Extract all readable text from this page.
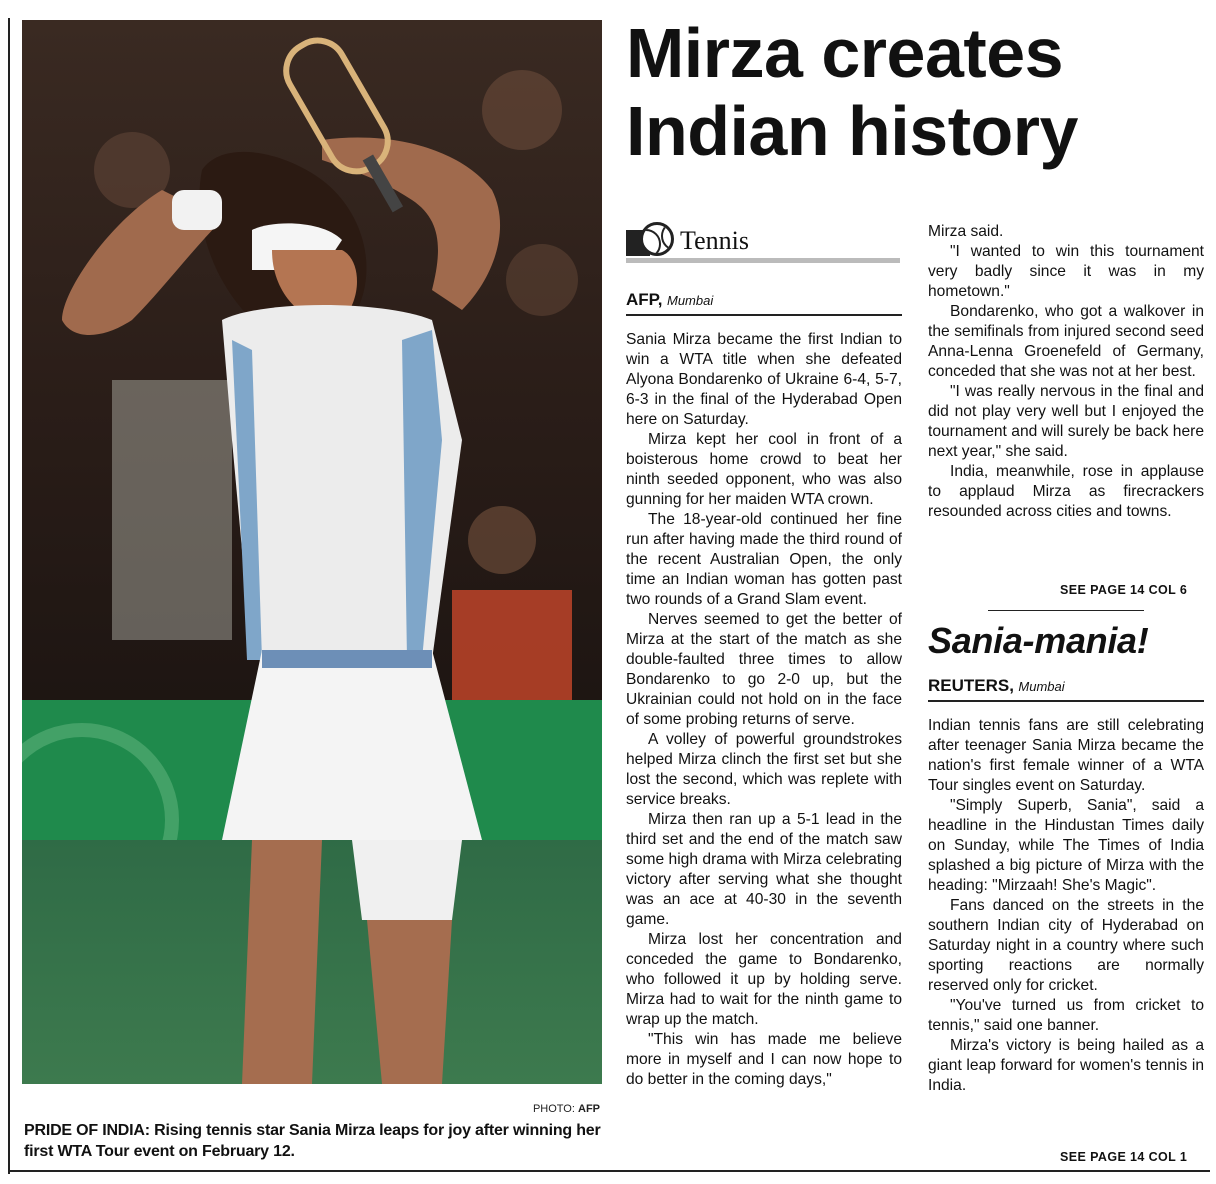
PHOTO: AFP
PRIDE OF INDIA: Rising tennis star Sania Mirza leaps for joy after winning her first WTA Tour event on February 12.
Mirza creates
Indian history
Tennis
AFP, Mumbai

Sania Mirza became the first Indian to win a WTA title when she defeated Alyona Bondarenko of Ukraine 6-4, 5-7, 6-3 in the final of the Hyderabad Open here on Saturday.

Mirza kept her cool in front of a boisterous home crowd to beat her ninth seeded opponent, who was also gunning for her maiden WTA crown.

The 18-year-old continued her fine run after having made the third round of the recent Australian Open, the only time an Indian woman has gotten past two rounds of a Grand Slam event.

Nerves seemed to get the better of Mirza at the start of the match as she double-faulted three times to allow Bondarenko to go 2-0 up, but the Ukrainian could not hold on in the face of some probing returns of serve.

A volley of powerful groundstrokes helped Mirza clinch the first set but she lost the second, which was replete with service breaks.

Mirza then ran up a 5-1 lead in the third set and the end of the match saw some high drama with Mirza celebrating victory after serving what she thought was an ace at 40-30 in the seventh game.

Mirza lost her concentration and conceded the game to Bondarenko, who followed it up by holding serve. Mirza had to wait for the ninth game to wrap up the match.

"This win has made me believe more in myself and I can now hope to do better in the coming days,"

Mirza said.

"I wanted to win this tournament very badly since it was in my hometown."

Bondarenko, who got a walkover in the semifinals from injured second seed Anna-Lenna Groenefeld of Germany, conceded that she was not at her best.

"I was really nervous in the final and did not play very well but I enjoyed the tournament and will surely be back here next year," she said.

India, meanwhile, rose in applause to applaud Mirza as firecrackers resounded across cities and towns.

SEE PAGE 14 COL 6
Sania-mania!
REUTERS, Mumbai

Indian tennis fans are still celebrating after teenager Sania Mirza became the nation's first female winner of a WTA Tour singles event on Saturday.

"Simply Superb, Sania", said a headline in the Hindustan Times daily on Sunday, while The Times of India splashed a big picture of Mirza with the heading: "Mirzaah! She's Magic".

Fans danced on the streets in the southern Indian city of Hyderabad on Saturday night in a country where such sporting reactions are normally reserved only for cricket.

"You've turned us from cricket to tennis," said one banner.

Mirza's victory is being hailed as a giant leap forward for women's tennis in India.

SEE PAGE 14 COL 1
